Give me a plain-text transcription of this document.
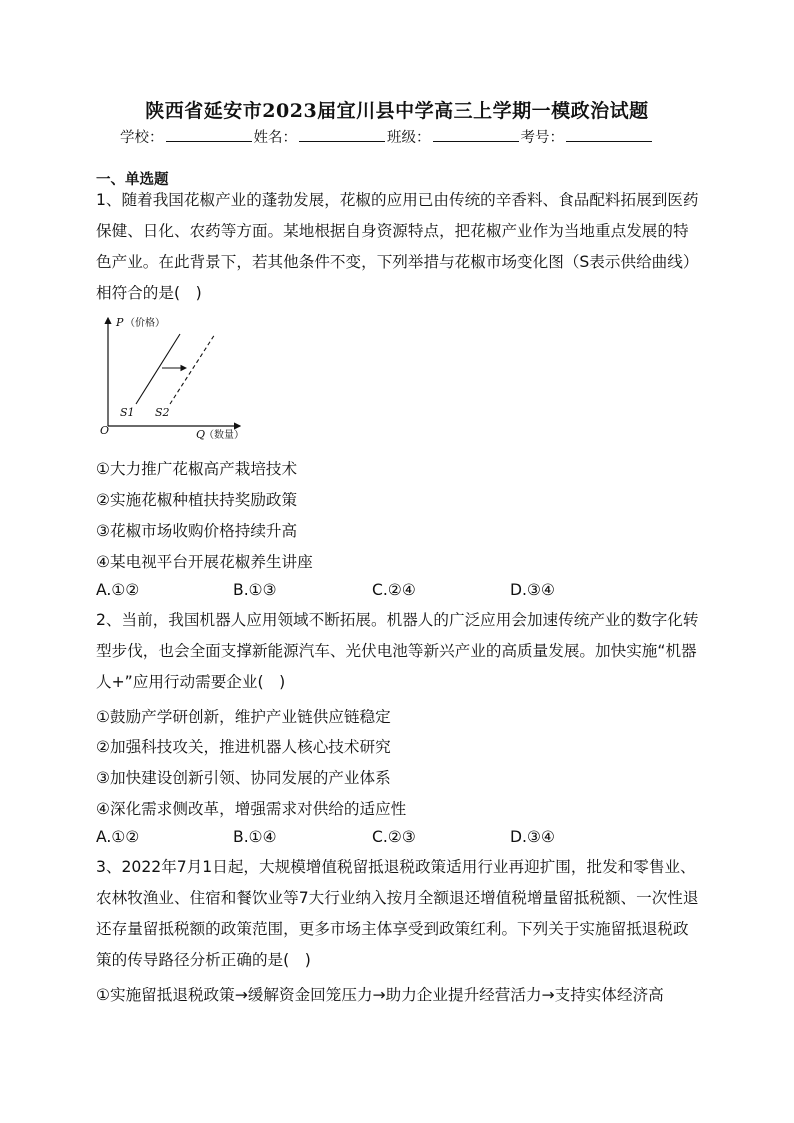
陕西省延安市2023届宜川县中学高三上学期一模政治试题
学校：	姓名：	班级：	考号：
一、单选题
1、随着我国花椒产业的蓬勃发展，花椒的应用已由传统的辛香料、食品配料拓展到医药保健、日化、农药等方面。某地根据自身资源特点，把花椒产业作为当地重点发展的特色产业。在此背景下，若其他条件不变，下列举措与花椒市场变化图（S表示供给曲线）相符合的是(　)
P （价格）
Q
（数量）
O
S1 S2
①大力推广花椒高产栽培技术
②实施花椒种植扶持奖励政策
③花椒市场收购价格持续升高
④某电视平台开展花椒养生讲座
A.①②	B.①③	C.②④	D.③④
2、当前，我国机器人应用领域不断拓展。机器人的广泛应用会加速传统产业的数字化转型步伐，也会全面支撑新能源汽车、光伏电池等新兴产业的高质量发展。加快实施“机器人+”应用行动需要企业(　)
①鼓励产学研创新，维护产业链供应链稳定
②加强科技攻关，推进机器人核心技术研究
③加快建设创新引领、协同发展的产业体系
④深化需求侧改革，增强需求对供给的适应性
A.①②	B.①④	C.②③	D.③④
3、2022年7月1日起，大规模增值税留抵退税政策适用行业再迎扩围，批发和零售业、农林牧渔业、住宿和餐饮业等7大行业纳入按月全额退还增值税增量留抵税额、一次性退还存量留抵税额的政策范围，更多市场主体享受到政策红利。下列关于实施留抵退税政策的传导路径分析正确的是(　)
①实施留抵退税政策→缓解资金回笼压力→助力企业提升经营活力→支持实体经济高
